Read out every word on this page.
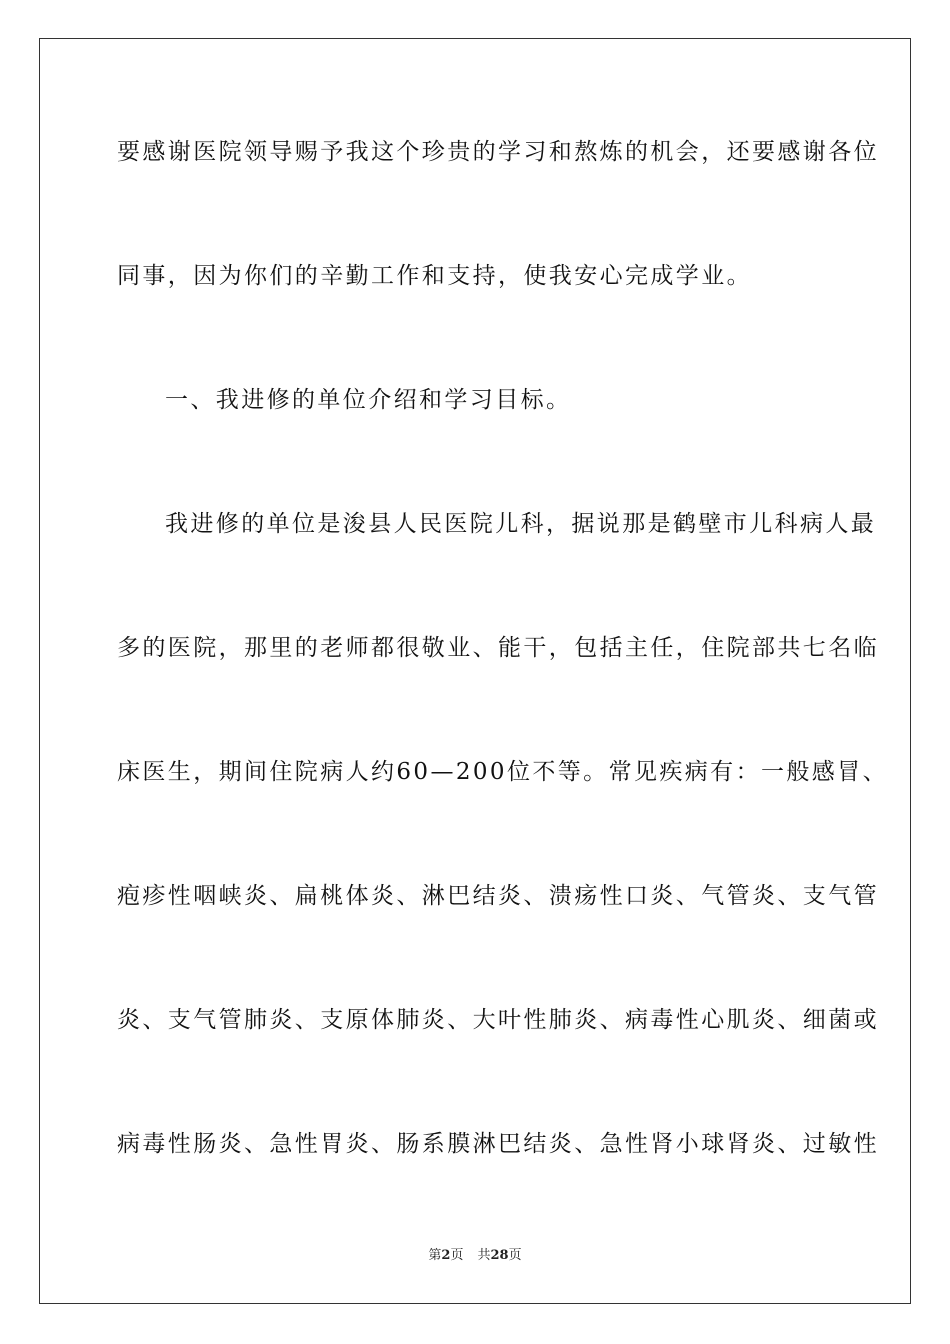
要感谢医院领导赐予我这个珍贵的学习和熬炼的机会，还要感谢各位
同事，因为你们的辛勤工作和支持，使我安心完成学业。
一、我进修的单位介绍和学习目标。
我进修的单位是浚县人民医院儿科，据说那是鹤壁市儿科病人最
多的医院，那里的老师都很敬业、能干，包括主任，住院部共七名临
床医生，期间住院病人约60—200位不等。常见疾病有：一般感冒、
疱疹性咽峡炎、扁桃体炎、淋巴结炎、溃疡性口炎、气管炎、支气管
炎、支气管肺炎、支原体肺炎、大叶性肺炎、病毒性心肌炎、细菌或
病毒性肠炎、急性胃炎、肠系膜淋巴结炎、急性肾小球肾炎、过敏性
第2页 共28页
